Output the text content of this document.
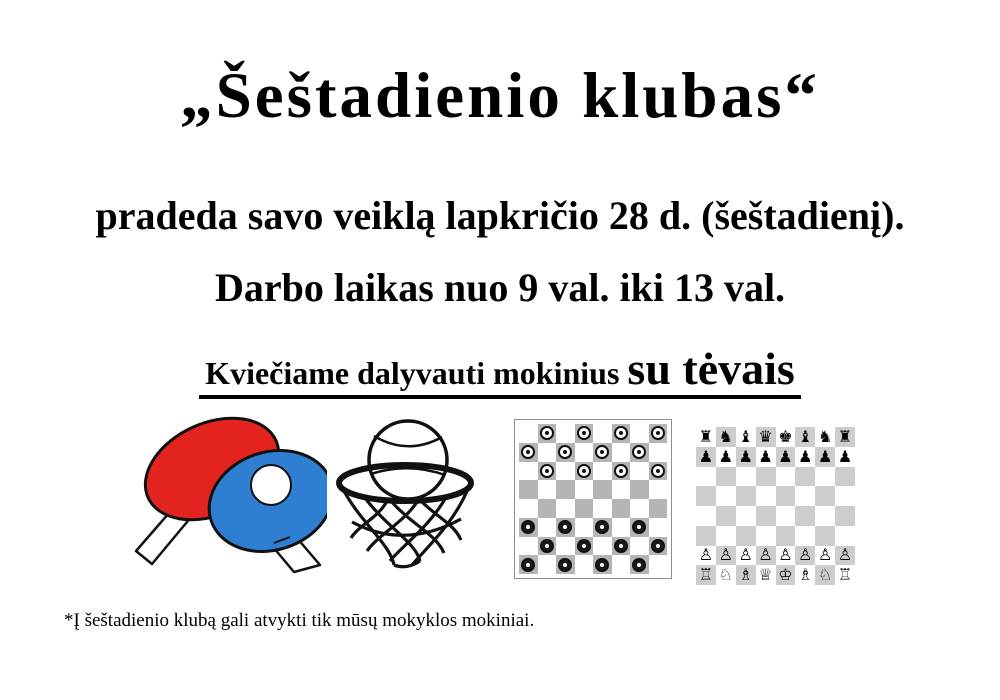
„Šeštadienio klubas“
pradeda savo veiklą lapkričio 28 d. (šeštadienį).
Darbo laikas nuo 9 val. iki 13 val.
Kviečiame dalyvauti mokinius su tėvais
♜ ♞ ♝ ♛ ♚ ♝ ♞ ♜
♟ ♟ ♟ ♟ ♟ ♟ ♟ ♟
♙ ♙ ♙ ♙ ♙ ♙ ♙ ♙
♖ ♘ ♗ ♕ ♔ ♗ ♘ ♖
*Į šeštadienio klubą gali atvykti tik mūsų mokyklos mokiniai.
